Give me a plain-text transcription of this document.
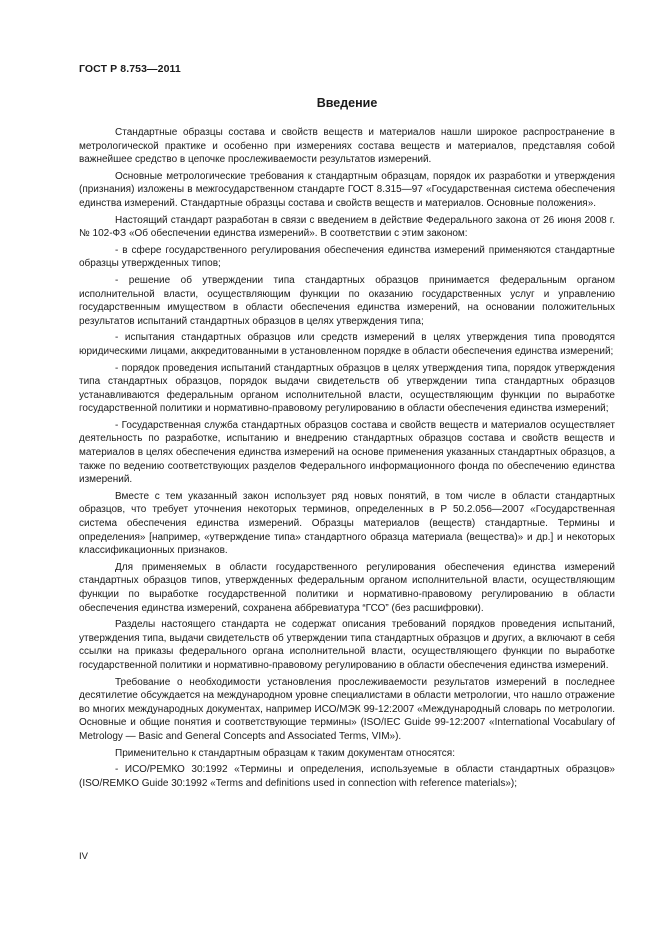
ГОСТ Р 8.753—2011
Введение

Стандартные образцы состава и свойств веществ и материалов нашли широкое распространение в метрологической практике и особенно при измерениях состава веществ и материалов, представляя собой важнейшее средство в цепочке прослеживаемости результатов измерений.

Основные метрологические требования к стандартным образцам, порядок их разработки и утверждения (признания) изложены в межгосударственном стандарте ГОСТ 8.315—97 «Государственная система обеспечения единства измерений. Стандартные образцы состава и свойств веществ и материалов. Основные положения».

Настоящий стандарт разработан в связи с введением в действие Федерального закона от 26 июня 2008 г. № 102-ФЗ «Об обеспечении единства измерений». В соответствии с этим законом:

- в сфере государственного регулирования обеспечения единства измерений применяются стандартные образцы утвержденных типов;

- решение об утверждении типа стандартных образцов принимается федеральным органом исполнительной власти, осуществляющим функции по оказанию государственных услуг и управлению государственным имуществом в области обеспечения единства измерений, на основании положительных результатов испытаний стандартных образцов в целях утверждения типа;

- испытания стандартных образцов или средств измерений в целях утверждения типа проводятся юридическими лицами, аккредитованными в установленном порядке в области обеспечения единства измерений;

- порядок проведения испытаний стандартных образцов в целях утверждения типа, порядок утверждения типа стандартных образцов, порядок выдачи свидетельств об утверждении типа стандартных образцов устанавливаются федеральным органом исполнительной власти, осуществляющим функции по выработке государственной политики и нормативно-правовому регулированию в области обеспечения единства измерений;

- Государственная служба стандартных образцов состава и свойств веществ и материалов осуществляет деятельность по разработке, испытанию и внедрению стандартных образцов состава и свойств веществ и материалов в целях обеспечения единства измерений на основе применения указанных стандартных образцов, а также по ведению соответствующих разделов Федерального информационного фонда по обеспечению единства измерений.

Вместе с тем указанный закон использует ряд новых понятий, в том числе в области стандартных образцов, что требует уточнения некоторых терминов, определенных в Р 50.2.056—2007 «Государственная система обеспечения единства измерений. Образцы материалов (веществ) стандартные. Термины и определения» [например, «утверждение типа» стандартного образца материала (вещества)» и др.] и некоторых классификационных признаков.

Для применяемых в области государственного регулирования обеспечения единства измерений стандартных образцов типов, утвержденных федеральным органом исполнительной власти, осуществляющим функции по выработке государственной политики и нормативно-правовому регулированию в области обеспечения единства измерений, сохранена аббревиатура “ГСО” (без расшифровки).

Разделы настоящего стандарта не содержат описания требований порядков проведения испытаний, утверждения типа, выдачи свидетельств об утверждении типа стандартных образцов и других, а включают в себя ссылки на приказы федерального органа исполнительной власти, осуществляющего функции по выработке государственной политики и нормативно-правовому регулированию в области обеспечения единства измерений.

Требование о необходимости установления прослеживаемости результатов измерений в последнее десятилетие обсуждается на международном уровне специалистами в области метрологии, что нашло отражение во многих международных документах, например ИСО/МЭК 99-12:2007 «Международный словарь по метрологии. Основные и общие понятия и соответствующие термины» (ISO/IEC Guide 99-12:2007 «International Vocabulary of Metrology — Basic and General Concepts and Associated Terms, VIM»).

Применительно к стандартным образцам к таким документам относятся:

- ИСО/РЕМКО 30:1992 «Термины и определения, используемые в области стандартных образцов» (ISO/REMKO Guide 30:1992 «Terms and definitions used in connection with reference materials»);

IV
